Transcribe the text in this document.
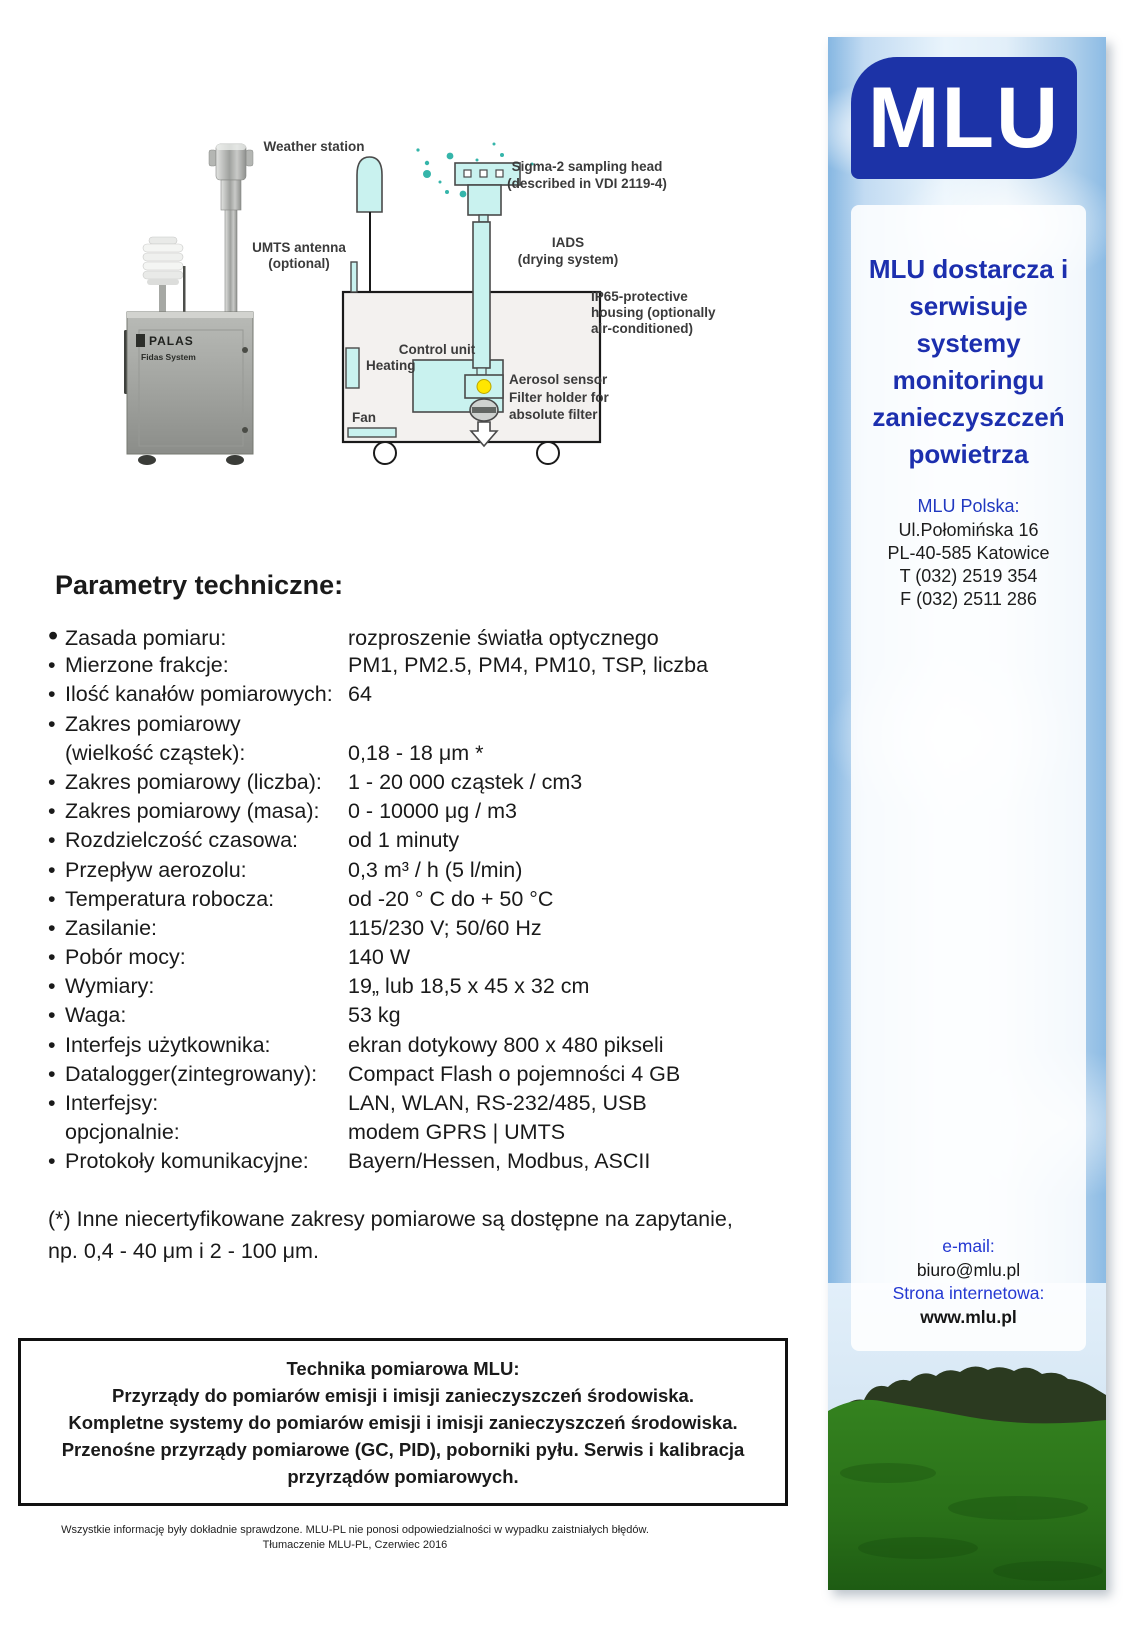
PALAS
Fidas System
Weather station
UMTS antenna
(optional)
Sigma-2 sampling head
(described in VDI 2119-4)
IADS
(drying system)
IP65-protective
housing (optionally
air-conditioned)
Control unit
Heating
Fan
Aerosol sensor
Filter holder for
absolute filter
Parametry techniczne:
• Zasada pomiaru:	rozproszenie światła optycznego
• Mierzone frakcje:	PM1, PM2.5, PM4, PM10, TSP, liczba
• Ilość kanałów pomiarowych: 64
• Zakres pomiarowy
(wielkość cząstek):	0,18 - 18 μm *
• Zakres pomiarowy (liczba):	1 - 20 000 cząstek / cm3
• Zakres pomiarowy (masa):	0 - 10000 μg / m3
• Rozdzielczość czasowa:	od 1 minuty
• Przepływ aerozolu:	0,3 m³ / h (5 l/min)
• Temperatura robocza:	od -20 ° C do + 50 °C
• Zasilanie:	115/230 V; 50/60 Hz
• Pobór mocy:	140 W
• Wymiary:	19„ lub 18,5 x 45 x 32 cm
• Waga:	53 kg
• Interfejs użytkownika:	ekran dotykowy 800 x 480 pikseli
• Datalogger(zintegrowany):	Compact Flash o pojemności 4 GB
• Interfejsy:	LAN, WLAN, RS-232/485, USB
opcjonalnie:	modem GPRS | UMTS
• Protokoły komunikacyjne:	Bayern/Hessen, Modbus, ASCII
(*) Inne niecertyfikowane zakresy pomiarowe są dostępne na zapytanie,
np. 0,4 - 40 μm i 2 - 100 μm.
Technika pomiarowa MLU:
Przyrządy do pomiarów emisji i imisji zanieczyszczeń środowiska.
Kompletne systemy do pomiarów emisji i imisji zanieczyszczeń środowiska.
Przenośne przyrządy pomiarowe (GC, PID), poborniki pyłu. Serwis i kalibracja
przyrządów pomiarowych.
Wszystkie informację były dokładnie sprawdzone. MLU-PL nie ponosi odpowiedzialności w wypadku zaistniałych błędów.
Tłumaczenie MLU-PL, Czerwiec 2016
MLU
MLU dostarcza i serwisuje systemy monitoringu zanieczyszczeń powietrza
MLU Polska:
Ul.Połomińska 16
PL-40-585 Katowice
T (032) 2519 354
F (032) 2511 286
e-mail:
biuro@mlu.pl
Strona internetowa:
www.mlu.pl
